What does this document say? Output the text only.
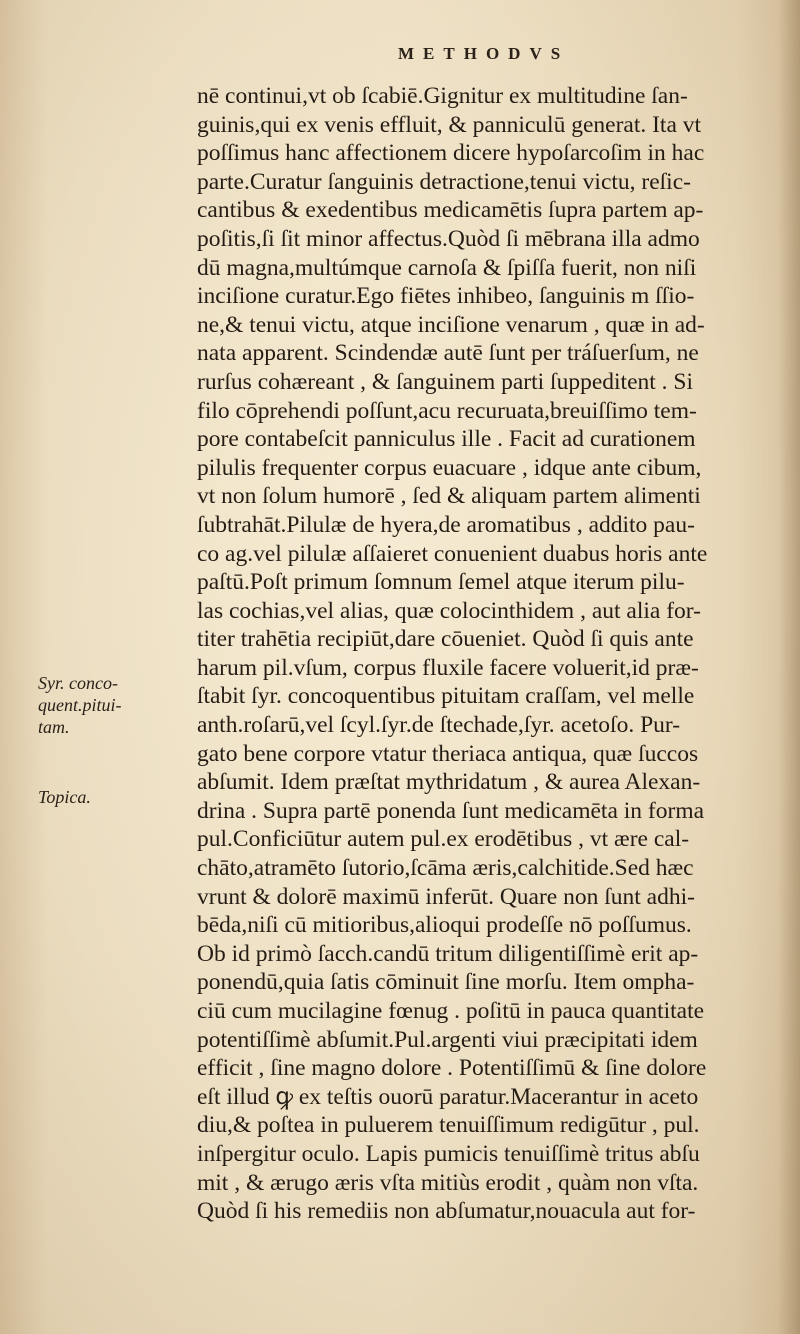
METHODVS
Syr. conco-
quent.pitui-
tam.
Topica.
nē continui,vt ob ſcabiē.Gignitur ex multitudine ſan-
guinis,qui ex venis effluit, & panniculū generat. Ita vt
poſſimus hanc affectionem dicere hypoſarcoſim in hac
parte.Curatur ſanguinis detractione,tenui victu, reſic-
cantibus & exedentibus medicamētis ſupra partem ap-
poſitis,ſi ſit minor affectus.Quòd ſi mēbrana illa admo
dū magna,multúmque carnoſa & ſpiſſa fuerit, non niſi
inciſione curatur.Ego fiētes inhibeo, ſanguinis m ſſio-
ne,& tenui victu, atque inciſione venarum , quæ in ad-
nata apparent. Scindendæ autē ſunt per tráſuerſum, ne
rurſus cohæreant , & ſanguinem parti ſuppeditent . Si
filo cōprehendi poſſunt,acu recuruata,breuiſſimo tem-
pore contabeſcit panniculus ille . Facit ad curationem
pilulis frequenter corpus euacuare , idque ante cibum,
vt non ſolum humorē , ſed & aliquam partem alimenti
ſubtrahāt.Pilulæ de hyera,de aromatibus , addito pau-
co ag.vel pilulæ aſſaieret conuenient duabus horis ante
paſtū.Poſt primum ſomnum ſemel atque iterum pilu-
las cochias,vel alias, quæ colocinthidem , aut alia for-
titer trahētia recipiūt,dare cōueniet. Quòd ſi quis ante
harum pil.vſum, corpus fluxile facere voluerit,id præ-
ſtabit ſyr. concoquentibus pituitam craſſam, vel melle
anth.roſarū,vel ſcyl.ſyr.de ſtechade,ſyr. acetoſo. Pur-
gato bene corpore vtatur theriaca antiqua, quæ ſuccos
abſumit. Idem præſtat mythridatum , & aurea Alexan-
drina . Supra partē ponenda ſunt medicamēta in forma
pul.Conficiūtur autem pul.ex erodētibus , vt ære cal-
chāto,atramēto ſutorio,ſcāma æris,calchitide.Sed hæc
vrunt & dolorē maximū inferūt. Quare non ſunt adhi-
bēda,niſi cū mitioribus,alioqui prodeſſe nō poſſumus.
Ob id primò ſacch.candū tritum diligentiſſimè erit ap-
ponendū,quia ſatis cōminuit ſine morſu. Item ompha-
ciū cum mucilagine fœnug . poſitū in pauca quantitate
potentiſſimè abſumit.Pul.argenti viui præcipitati idem
efficit , ſine magno dolore . Potentiſſimū & ſine dolore
eſt illud ꝙ ex teſtis ouorū paratur.Macerantur in aceto
diu,& poſtea in puluerem tenuiſſimum redigūtur , pul.
inſpergitur oculo. Lapis pumicis tenuiſſimè tritus abſu
mit , & ærugo æris vſta mitiùs erodit , quàm non vſta.
Quòd ſi his remediis non abſumatur,nouacula aut for-
